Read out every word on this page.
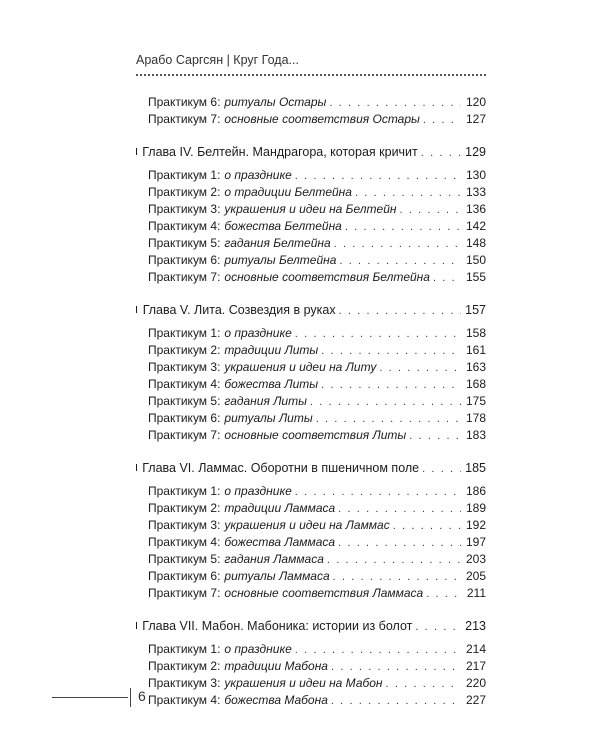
Арабо Саргсян | Круг Года...
Практикум 6: ритуалы Остары . . .	120
Практикум 7: основные соответствия Остары . . .	127
Глава IV. Белтейн. Мандрагора, которая кричит . . .	129
Практикум 1: о празднике . . .	130
Практикум 2: о традиции Белтейна . . .	133
Практикум 3: украшения и идеи на Белтейн . . .	136
Практикум 4: божества Белтейна . . .	142
Практикум 5: гадания Белтейна . . .	148
Практикум 6: ритуалы Белтейна . . .	150
Практикум 7: основные соответствия Белтейна . . .	155
Глава V. Лита. Созвездия в руках . . .	157
Практикум 1: о празднике . . .	158
Практикум 2: традиции Литы . . .	161
Практикум 3: украшения и идеи на Литу . . .	163
Практикум 4: божества Литы . . .	168
Практикум 5: гадания Литы . . .	175
Практикум 6: ритуалы Литы . . .	178
Практикум 7: основные соответствия Литы . . .	183
Глава VI. Ламмас. Оборотни в пшеничном поле . . .	185
Практикум 1: о празднике . . .	186
Практикум 2: традиции Ламмаса . . .	189
Практикум 3: украшения и идеи на Ламмас . . .	192
Практикум 4: божества Ламмаса . . .	197
Практикум 5: гадания Ламмаса . . .	203
Практикум 6: ритуалы Ламмаса . . .	205
Практикум 7: основные соответствия Ламмаса . . .	211
Глава VII. Мабон. Мабоника: истории из болот . . .	213
Практикум 1: о празднике . . .	214
Практикум 2: традиции Мабона . . .	217
Практикум 3: украшения и идеи на Мабон . . .	220
Практикум 4: божества Мабона . . .	227
6
